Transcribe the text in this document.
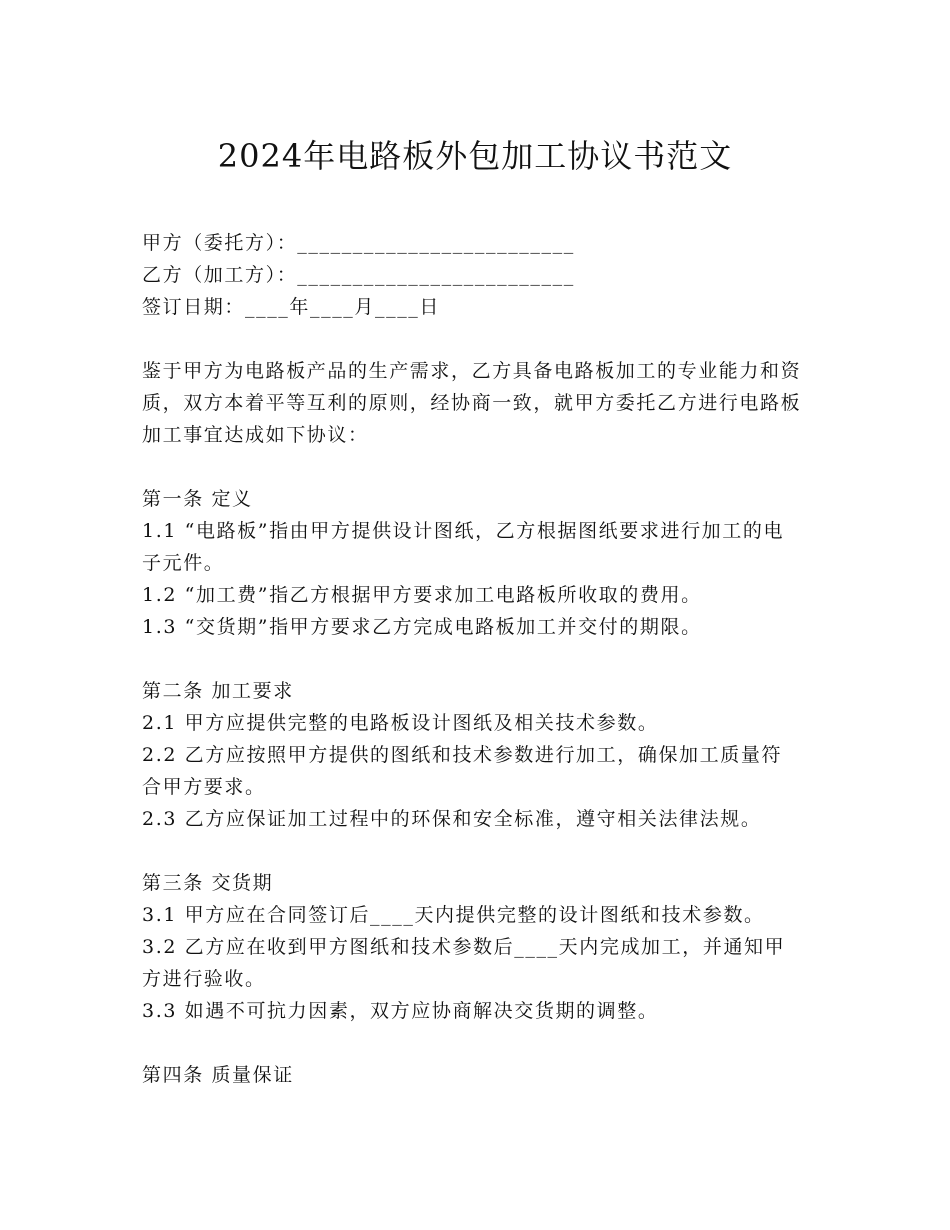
2024年电路板外包加工协议书范文
甲方（委托方）：_________________________
乙方（加工方）：_________________________
签订日期：____年____月____日
鉴于甲方为电路板产品的生产需求，乙方具备电路板加工的专业能力和资质，双方本着平等互利的原则，经协商一致，就甲方委托乙方进行电路板加工事宜达成如下协议：
第一条 定义
1.1 “电路板”指由甲方提供设计图纸，乙方根据图纸要求进行加工的电子元件。
1.2 “加工费”指乙方根据甲方要求加工电路板所收取的费用。
1.3 “交货期”指甲方要求乙方完成电路板加工并交付的期限。
第二条 加工要求
2.1 甲方应提供完整的电路板设计图纸及相关技术参数。
2.2 乙方应按照甲方提供的图纸和技术参数进行加工，确保加工质量符合甲方要求。
2.3 乙方应保证加工过程中的环保和安全标准，遵守相关法律法规。
第三条 交货期
3.1 甲方应在合同签订后____天内提供完整的设计图纸和技术参数。
3.2 乙方应在收到甲方图纸和技术参数后____天内完成加工，并通知甲方进行验收。
3.3 如遇不可抗力因素，双方应协商解决交货期的调整。
第四条 质量保证
